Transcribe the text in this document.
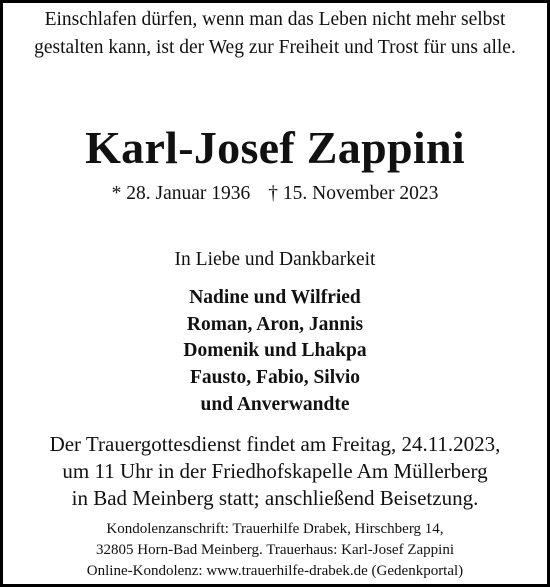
Einschlafen dürfen, wenn man das Leben nicht mehr selbst
gestalten kann, ist der Weg zur Freiheit und Trost für uns alle.
Karl-Josef Zappini
* 28. Januar 1936 † 15. November 2023
In Liebe und Dankbarkeit
Nadine und Wilfried
Roman, Aron, Jannis
Domenik und Lhakpa
Fausto, Fabio, Silvio
und Anverwandte
Der Trauergottesdienst findet am Freitag, 24.11.2023,
um 11 Uhr in der Friedhofskapelle Am Müllerberg
in Bad Meinberg statt; anschließend Beisetzung.
Kondolenzanschrift: Trauerhilfe Drabek, Hirschberg 14,
32805 Horn-Bad Meinberg. Trauerhaus: Karl-Josef Zappini
Online-Kondolenz: www.trauerhilfe-drabek.de (Gedenkportal)
